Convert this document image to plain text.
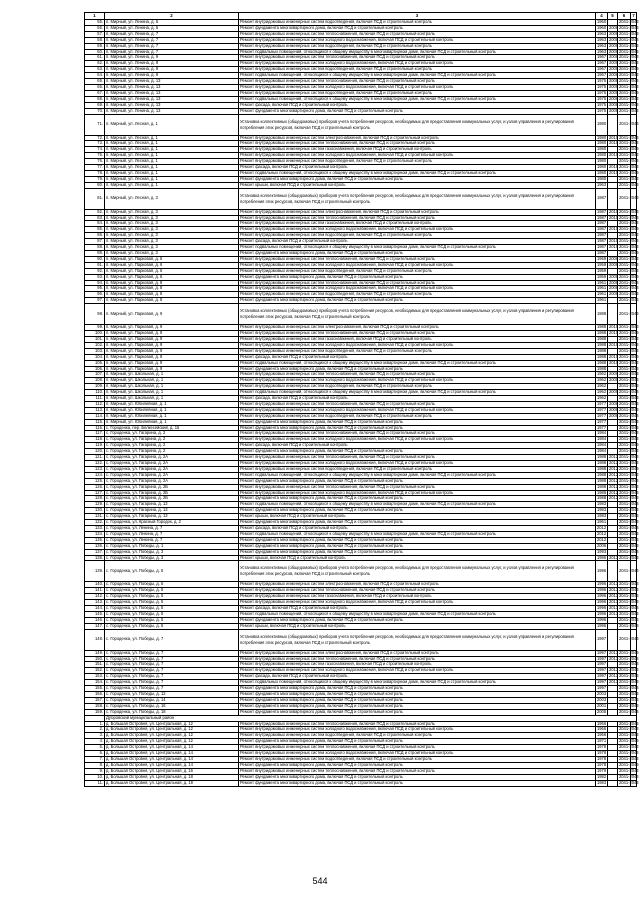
1	2	3	4	5	6	7
55.	п. Мирный, ул. Ленина, д. 5	Ремонт внутридомовых инженерных систем водоотведения, включая ПСД и строительный контроль	1960		2041-2043	
56.	п. Мирный, ул. Ленина, д. 5	Ремонт фундамента многоквартирного дома, включая ПСД и строительный контроль	1960	2008	2041-2043	
57.	п. Мирный, ул. Ленина, д. 7	Ремонт внутридомовых инженерных систем теплоснабжения, включая ПСД и строительный контроль	1963	2008	2041-2043	
58.	п. Мирный, ул. Ленина, д. 7	Ремонт внутридомовых инженерных систем холодного водоснабжения, включая ПСД и строительный контроль	1963	2008	2041-2043	
59.	п. Мирный, ул. Ленина, д. 7	Ремонт внутридомовых инженерных систем водоотведения, включая ПСД и строительный контроль	1963	2008	2041-2043	
60.	п. Мирный, ул. Ленина, д. 7	Ремонт подвальных помещений, относящихся к общему имуществу в многоквартирном доме, включая ПСД и строительный контроль	1963	2008	2041-2043	
61.	п. Мирный, ул. Ленина, д. 9	Ремонт внутридомовых инженерных систем теплоснабжения, включая ПСД и строительный контроль	1967	2008	2041-2043	
62.	п. Мирный, ул. Ленина, д. 9	Ремонт внутридомовых инженерных систем холодного водоснабжения, включая ПСД и строительный контроль	1967	2008	2041-2043	
63.	п. Мирный, ул. Ленина, д. 9	Ремонт внутридомовых инженерных систем водоотведения, включая ПСД и строительный контроль	1967	2008	2041-2043	
64.	п. Мирный, ул. Ленина, д. 9	Ремонт подвальных помещений, относящихся к общему имуществу в многоквартирном доме, включая ПСД и строительный контроль	1967	2008	2041-2043	
65.	п. Мирный, ул. Ленина, д. 13	Ремонт внутридомовых инженерных систем теплоснабжения, включая ПСД и строительный контроль	1975	2008	2041-2043	
66.	п. Мирный, ул. Ленина, д. 13	Ремонт внутридомовых инженерных систем холодного водоснабжения, включая ПСД и строительный контроль	1975	2008	2041-2043	
67.	п. Мирный, ул. Ленина, д. 13	Ремонт внутридомовых инженерных систем водоотведения, включая ПСД и строительный контроль	1975	2008	2041-2043	
68.	п. Мирный, ул. Ленина, д. 13	Ремонт подвальных помещений, относящихся к общему имуществу в многоквартирном доме, включая ПСД и строительный контроль	1975	2008	2041-2043	
69.	п. Мирный, ул. Ленина, д. 13	Ремонт фасада, включая ПСД и строительный контроль	1975	2008	2041-2043	
70.	п. Мирный, ул. Ленина, д. 13	Ремонт фундамента многоквартирного дома, включая ПСД и строительный контроль	1975	2008	2041-2043	
71.	п. Мирный, ул. Лесная, д. 1	Установка коллективных (общедомовых) приборов учета потребления ресурсов, необходимых для предоставления коммунальных услуг, и узлов управления и регулирования потребления этих ресурсов, включая ПСД и строительный контроль	1980		2041-2043	
72.	п. Мирный, ул. Лесная, д. 1	Ремонт внутридомовых инженерных систем электроснабжения, включая ПСД и строительный контроль	1980	2010	2041-2043	
73.	п. Мирный, ул. Лесная, д. 1	Ремонт внутридомовых инженерных систем теплоснабжения, включая ПСД и строительный контроль	1980	2010	2041-2043	
74.	п. Мирный, ул. Лесная, д. 1	Ремонт внутридомовых инженерных систем газоснабжения, включая ПСД и строительный контроль	1980		2041-2043	
75.	п. Мирный, ул. Лесная, д. 1	Ремонт внутридомовых инженерных систем холодного водоснабжения, включая ПСД и строительный контроль	1980	2010	2041-2043	
76.	п. Мирный, ул. Лесная, д. 1	Ремонт внутридомовых инженерных систем водоотведения, включая ПСД и строительный контроль	1980		2041-2043	
77.	п. Мирный, ул. Лесная, д. 1	Ремонт фасада, включая ПСД и строительный контроль	1980	2010	2041-2043	
78.	п. Мирный, ул. Лесная, д. 1	Ремонт подвальных помещений, относящихся к общему имуществу в многоквартирном доме, включая ПСД и строительный контроль	1980	2010	2041-2043	
79.	п. Мирный, ул. Лесная, д. 1	Ремонт фундамента многоквартирного дома, включая ПСД и строительный контроль	1980		2041-2043	
80.	п. Мирный, ул. Лесная, д. 1	Ремонт крыши, включая ПСД и строительный контроль	1963		2041-2043	
81.	п. Мирный, ул. Лесная, д. 3	Установка коллективных (общедомовых) приборов учета потребления ресурсов, необходимых для предоставления коммунальных услуг, и узлов управления и регулирования потребления этих ресурсов, включая ПСД и строительный контроль	1987		2041-2043	
82.	п. Мирный, ул. Лесная, д. 3	Ремонт внутридомовых инженерных систем электроснабжения, включая ПСД и строительный контроль	1987	2010	2041-2043	
83.	п. Мирный, ул. Лесная, д. 3	Ремонт внутридомовых инженерных систем теплоснабжения, включая ПСД и строительный контроль	1987	2010	2041-2043	
84.	п. Мирный, ул. Лесная, д. 3	Ремонт внутридомовых инженерных систем газоснабжения, включая ПСД и строительный контроль	1987		2041-2043	
85.	п. Мирный, ул. Лесная, д. 3	Ремонт внутридомовых инженерных систем холодного водоснабжения, включая ПСД и строительный контроль	1987	2010	2041-2043	
86.	п. Мирный, ул. Лесная, д. 3	Ремонт внутридомовых инженерных систем водоотведения, включая ПСД и строительный контроль	1987		2041-2043	
87.	п. Мирный, ул. Лесная, д. 3	Ремонт фасада, включая ПСД и строительный контроль	1987	2010	2041-2043	
88.	п. Мирный, ул. Лесная, д. 3	Ремонт подвальных помещений, относящихся к общему имуществу в многоквартирном доме, включая ПСД и строительный контроль	1987	2010	2041-2043	
89.	п. Мирный, ул. Лесная, д. 3	Ремонт фундамента многоквартирного дома, включая ПСД и строительный контроль	1987		2041-2043	
90.	п. Мирный, ул. Парковая, д. 6	Ремонт внутридомовых инженерных систем теплоснабжения, включая ПСД и строительный контроль	1959	2008	2041-2043	
91.	п. Мирный, ул. Парковая, д. 6	Ремонт внутридомовых инженерных систем холодного водоснабжения, включая ПСД и строительный контроль	1959	2008	2041-2043	
92.	п. Мирный, ул. Парковая, д. 6	Ремонт внутридомовых инженерных систем водоотведения, включая ПСД и строительный контроль	1959		2041-2043	
93.	п. Мирный, ул. Парковая, д. 6	Ремонт фундамента многоквартирного дома, включая ПСД и строительный контроль	1959	2008	2041-2043	
94.	п. Мирный, ул. Парковая, д. 8	Ремонт внутридомовых инженерных систем теплоснабжения, включая ПСД и строительный контроль	1961	2008	2041-2043	
95.	п. Мирный, ул. Парковая, д. 8	Ремонт внутридомовых инженерных систем холодного водоснабжения, включая ПСД и строительный контроль	1961	2008	2041-2043	
96.	п. Мирный, ул. Парковая, д. 8	Ремонт внутридомовых инженерных систем водоотведения, включая ПСД и строительный контроль	1961	2008	2041-2043	
97.	п. Мирный, ул. Парковая, д. 8	Ремонт фундамента многоквартирного дома, включая ПСД и строительный контроль	1961		2041-2043	
98.	п. Мирный, ул. Парковая, д. 9	Установка коллективных (общедомовых) приборов учета потребления ресурсов, необходимых для предоставления коммунальных услуг, и узлов управления и регулирования потребления этих ресурсов, включая ПСД и строительный контроль	1988		2041-2043	
99.	п. Мирный, ул. Парковая, д. 9	Ремонт внутридомовых инженерных систем электроснабжения, включая ПСД и строительный контроль	1988	2010	2041-2043	
100.	п. Мирный, ул. Парковая, д. 9	Ремонт внутридомовых инженерных систем теплоснабжения, включая ПСД и строительный контроль	1988	2010	2041-2043	
101.	п. Мирный, ул. Парковая, д. 9	Ремонт внутридомовых инженерных систем газоснабжения, включая ПСД и строительный контроль	1988		2041-2043	
102.	п. Мирный, ул. Парковая, д. 9	Ремонт внутридомовых инженерных систем холодного водоснабжения, включая ПСД и строительный контроль	1988	2010	2041-2043	
103.	п. Мирный, ул. Парковая, д. 9	Ремонт внутридомовых инженерных систем водоотведения, включая ПСД и строительный контроль	1988		2041-2043	
104.	п. Мирный, ул. Парковая, д. 9	Ремонт фасада, включая ПСД и строительный контроль	1988	2010	2041-2043	
105.	п. Мирный, ул. Парковая, д. 9	Ремонт подвальных помещений, относящихся к общему имуществу в многоквартирном доме, включая ПСД и строительный контроль	1988	2010	2041-2043	
106.	п. Мирный, ул. Парковая, д. 9	Ремонт фундамента многоквартирного дома, включая ПСД и строительный контроль	1988		2041-2043	
107.	п. Мирный, ул. Школьная, д. 1	Ремонт внутридомовых инженерных систем теплоснабжения, включая ПСД и строительный контроль	1962	2009	2041-2043	
108.	п. Мирный, ул. Школьная, д. 1	Ремонт внутридомовых инженерных систем холодного водоснабжения, включая ПСД и строительный контроль	1962	2009	2041-2043	
109.	п. Мирный, ул. Школьная, д. 1	Ремонт внутридомовых инженерных систем водоотведения, включая ПСД и строительный контроль	1962		2041-2043	
110.	п. Мирный, ул. Школьная, д. 1	Ремонт подвальных помещений, относящихся к общему имуществу в многоквартирном доме, включая ПСД и строительный контроль	1962	2009	2041-2043	
111.	п. Мирный, ул. Школьная, д. 1	Ремонт фасада, включая ПСД и строительный контроль	1962		2041-2043	
112.	п. Мирный, ул. Юбилейная, д. 1	Ремонт внутридомовых инженерных систем теплоснабжения, включая ПСД и строительный контроль	1977	2008	2041-2043	
113.	п. Мирный, ул. Юбилейная, д. 1	Ремонт внутридомовых инженерных систем холодного водоснабжения, включая ПСД и строительный контроль	1977	2008	2041-2043	
114.	п. Мирный, ул. Юбилейная, д. 1	Ремонт внутридомовых инженерных систем водоотведения, включая ПСД и строительный контроль	1977	2008	2041-2043	
115.	п. Мирный, ул. Юбилейная, д. 1	Ремонт фундамента многоквартирного дома, включая ПСД и строительный контроль	1977		2041-2043	
116.	с. Городенка, пер. Белкесейский, д. 15	Ремонт фундамента многоквартирного дома, включая ПСД и строительный контроль	1977		2041-2043	
117.	с. Городенка, ул. Гагарина, д. 2	Ремонт внутридомовых инженерных систем теплоснабжения, включая ПСД и строительный контроль	1984		2041-2043	
118.	с. Городенка, ул. Гагарина, д. 2	Ремонт внутридомовых инженерных систем холодного водоснабжения, включая ПСД и строительный контроль	1984		2041-2043	
119.	с. Городенка, ул. Гагарина, д. 2	Ремонт фасада, включая ПСД и строительный контроль	1984		2041-2043	
120.	с. Городенка, ул. Гагарина, д. 2	Ремонт фундамента многоквартирного дома, включая ПСД и строительный контроль	1984		2041-2043	
121.	с. Городенка, ул. Гагарина, д. 2А	Ремонт внутридомовых инженерных систем теплоснабжения, включая ПСД и строительный контроль	1988	2012	2041-2043	
122.	с. Городенка, ул. Гагарина, д. 2А	Ремонт внутридомовых инженерных систем холодного водоснабжения, включая ПСД и строительный контроль	1988	2012	2041-2043	
123.	с. Городенка, ул. Гагарина, д. 2А	Ремонт внутридомовых инженерных систем водоотведения, включая ПСД и строительный контроль	1988	2012	2041-2043	
124.	с. Городенка, ул. Гагарина, д. 2А	Ремонт подвальных помещений, относящихся к общему имуществу в многоквартирном доме, включая ПСД и строительный контроль	1988	2012	2041-2043	
125.	с. Городенка, ул. Гагарина, д. 2А	Ремонт фундамента многоквартирного дома, включая ПСД и строительный контроль	1988	2012	2041-2043	
126.	с. Городенка, ул. Гагарина, д. 2Б	Ремонт внутридомовых инженерных систем теплоснабжения, включая ПСД и строительный контроль	1988	2012	2041-2043	
127.	с. Городенка, ул. Гагарина, д. 2Б	Ремонт внутридомовых инженерных систем холодного водоснабжения, включая ПСД и строительный контроль	1988	2012	2041-2043	
128.	с. Городенка, ул. Гагарина, д. 2Б	Ремонт фундамента многоквартирного дома, включая ПСД и строительный контроль	1988	2012	2041-2043	
129.	с. Городенка, ул. Гагарина, д. 13	Ремонт подвальных помещений, относящихся к общему имуществу в многоквартирном доме, включая ПСД и строительный контроль	1983		2041-2043	
130.	с. Городенка, ул. Гагарина, д. 13	Ремонт фундамента многоквартирного дома, включая ПСД и строительный контроль	1983		2041-2043	
131.	с. Городенка, ул. Гагарина, д. 13	Ремонт крыши, включая ПСД и строительный контроль	1983		2041-2043	
132.	с. Городенка, ул. Красный Городок, д. 2	Ремонт фундамента многоквартирного дома, включая ПСД и строительный контроль	1961		2041-2043	
133.	с. Городенка, ул. Ленина, д. 7	Ремонт фасада, включая ПСД и строительный контроль	2012		2041-2043	
134.	с. Городенка, ул. Ленина, д. 7	Ремонт подвальных помещений, относящихся к общему имуществу в многоквартирном доме, включая ПСД и строительный контроль	2012		2041-2043	
135.	с. Городенка, ул. Ленина, д. 7	Ремонт фундамента многоквартирного дома, включая ПСД и строительный контроль	2012		2041-2043	
136.	с. Городенка, ул. Победы, д. 1	Ремонт фундамента многоквартирного дома, включая ПСД и строительный контроль	2006		2041-2043	
137.	с. Городенка, ул. Победы, д. 3	Ремонт фундамента многоквартирного дома, включая ПСД и строительный контроль	1993		2041-2043	
138.	с. Городенка, ул. Победы, д. 3	Ремонт крыши, включая ПСД и строительный контроль	1996	2013	2041-2043	
139.	с. Городенка, ул. Победы, д. 5	Установка коллективных (общедомовых) приборов учета потребления ресурсов, необходимых для предоставления коммунальных услуг, и узлов управления и регулирования потребления этих ресурсов, включая ПСД и строительный контроль	1996		2041-2043	
140.	с. Городенка, ул. Победы, д. 5	Ремонт внутридомовых инженерных систем электроснабжения, включая ПСД и строительный контроль	1996	2013	2041-2043	
141.	с. Городенка, ул. Победы, д. 5	Ремонт внутридомовых инженерных систем теплоснабжения, включая ПСД и строительный контроль	1996	2013	2041-2043	
142.	с. Городенка, ул. Победы, д. 5	Ремонт внутридомовых инженерных систем газоснабжения, включая ПСД и строительный контроль	1996	2013	2041-2043	
143.	с. Городенка, ул. Победы, д. 5	Ремонт внутридомовых инженерных систем холодного водоснабжения, включая ПСД и строительный контроль	1996	2013	2041-2043	
144.	с. Городенка, ул. Победы, д. 5	Ремонт фасада, включая ПСД и строительный контроль	1996	2013	2041-2043	
145.	с. Городенка, ул. Победы, д. 5	Ремонт подвальных помещений, относящихся к общему имуществу в многоквартирном доме, включая ПСД и строительный контроль	1996	2013	2041-2043	
146.	с. Городенка, ул. Победы, д. 5	Ремонт фундамента многоквартирного дома, включая ПСД и строительный контроль	1996		2041-2043	
147.	с. Городенка, ул. Победы, д. 5	Ремонт крыши, включая ПСД и строительный контроль	1996		2041-2043	
148.	с. Городенка, ул. Победы, д. 7	Установка коллективных (общедомовых) приборов учета потребления ресурсов, необходимых для предоставления коммунальных услуг, и узлов управления и регулирования потребления этих ресурсов, включая ПСД и строительный контроль	1997		2041-2043	
149.	с. Городенка, ул. Победы, д. 7	Ремонт внутридомовых инженерных систем электроснабжения, включая ПСД и строительный контроль	1997	2013	2041-2043	
150.	с. Городенка, ул. Победы, д. 7	Ремонт внутридомовых инженерных систем теплоснабжения, включая ПСД и строительный контроль	1997	2013	2041-2043	
151.	с. Городенка, ул. Победы, д. 7	Ремонт внутридомовых инженерных систем газоснабжения, включая ПСД и строительный контроль	1997		2041-2043	
152.	с. Городенка, ул. Победы, д. 7	Ремонт внутридомовых инженерных систем холодного водоснабжения, включая ПСД и строительный контроль	1997	2013	2041-2043	
153.	с. Городенка, ул. Победы, д. 7	Ремонт фасада, включая ПСД и строительный контроль	1997	2013	2041-2043	
154.	с. Городенка, ул. Победы, д. 7	Ремонт подвальных помещений, относящихся к общему имуществу в многоквартирном доме, включая ПСД и строительный контроль	1997	2013	2041-2043	
155.	с. Городенка, ул. Победы, д. 7	Ремонт фундамента многоквартирного дома, включая ПСД и строительный контроль	1997		2041-2043	
156.	с. Городенка, ул. Победы, д. 12	Ремонт фундамента многоквартирного дома, включая ПСД и строительный контроль	2003		2041-2043	
157.	с. Городенка, ул. Победы, д. 14	Ремонт фундамента многоквартирного дома, включая ПСД и строительный контроль	2003		2041-2043	
158.	с. Городенка, ул. Победы, д. 16	Ремонт фундамента многоквартирного дома, включая ПСД и строительный контроль	2001		2041-2043	
159.	с. Городенка, ул. Победы, д. 18	Ремонт фундамента многоквартирного дома, включая ПСД и строительный контроль	2005		2041-2043	
	Дубровский муниципальный район					
1.	д. Большая Островня, ул. Центральная, д. 12	Ремонт внутридомовых инженерных систем теплоснабжения, включая ПСД и строительный контроль	1966		2041-2043	
2.	д. Большая Островня, ул. Центральная, д. 12	Ремонт внутридомовых инженерных систем холодного водоснабжения, включая ПСД и строительный контроль	1966		2041-2043	
3.	д. Большая Островня, ул. Центральная, д. 12	Ремонт внутридомовых инженерных систем водоотведения, включая ПСД и строительный контроль	1966		2041-2043	
4.	д. Большая Островня, ул. Центральная, д. 12	Ремонт фундамента многоквартирного дома, включая ПСД и строительный контроль	1971		2041-2043	
5.	д. Большая Островня, ул. Центральная, д. 14	Ремонт внутридомовых инженерных систем теплоснабжения, включая ПСД и строительный контроль	1978		2041-2043	
6.	д. Большая Островня, ул. Центральная, д. 14	Ремонт внутридомовых инженерных систем холодного водоснабжения, включая ПСД и строительный контроль	1978		2041-2043	
7.	д. Большая Островня, ул. Центральная, д. 14	Ремонт внутридомовых инженерных систем водоотведения, включая ПСД и строительный контроль	1978		2041-2043	
8.	д. Большая Островня, ул. Центральная, д. 14	Ремонт фундамента многоквартирного дома, включая ПСД и строительный контроль	1978		2041-2043	
9.	д. Большая Островня, ул. Центральная, д. 16	Ремонт внутридомовых инженерных систем теплоснабжения, включая ПСД и строительный контроль	1979		2041-2043	
10.	д. Большая Островня, ул. Центральная, д. 18	Ремонт фундамента многоквартирного дома, включая ПСД и строительный контроль	1982		2041-2043	
11.	д. Большая Островня, ул. Центральная, д. 19	Ремонт фундамента многоквартирного дома, включая ПСД и строительный контроль	1983		2041-2043	
544
